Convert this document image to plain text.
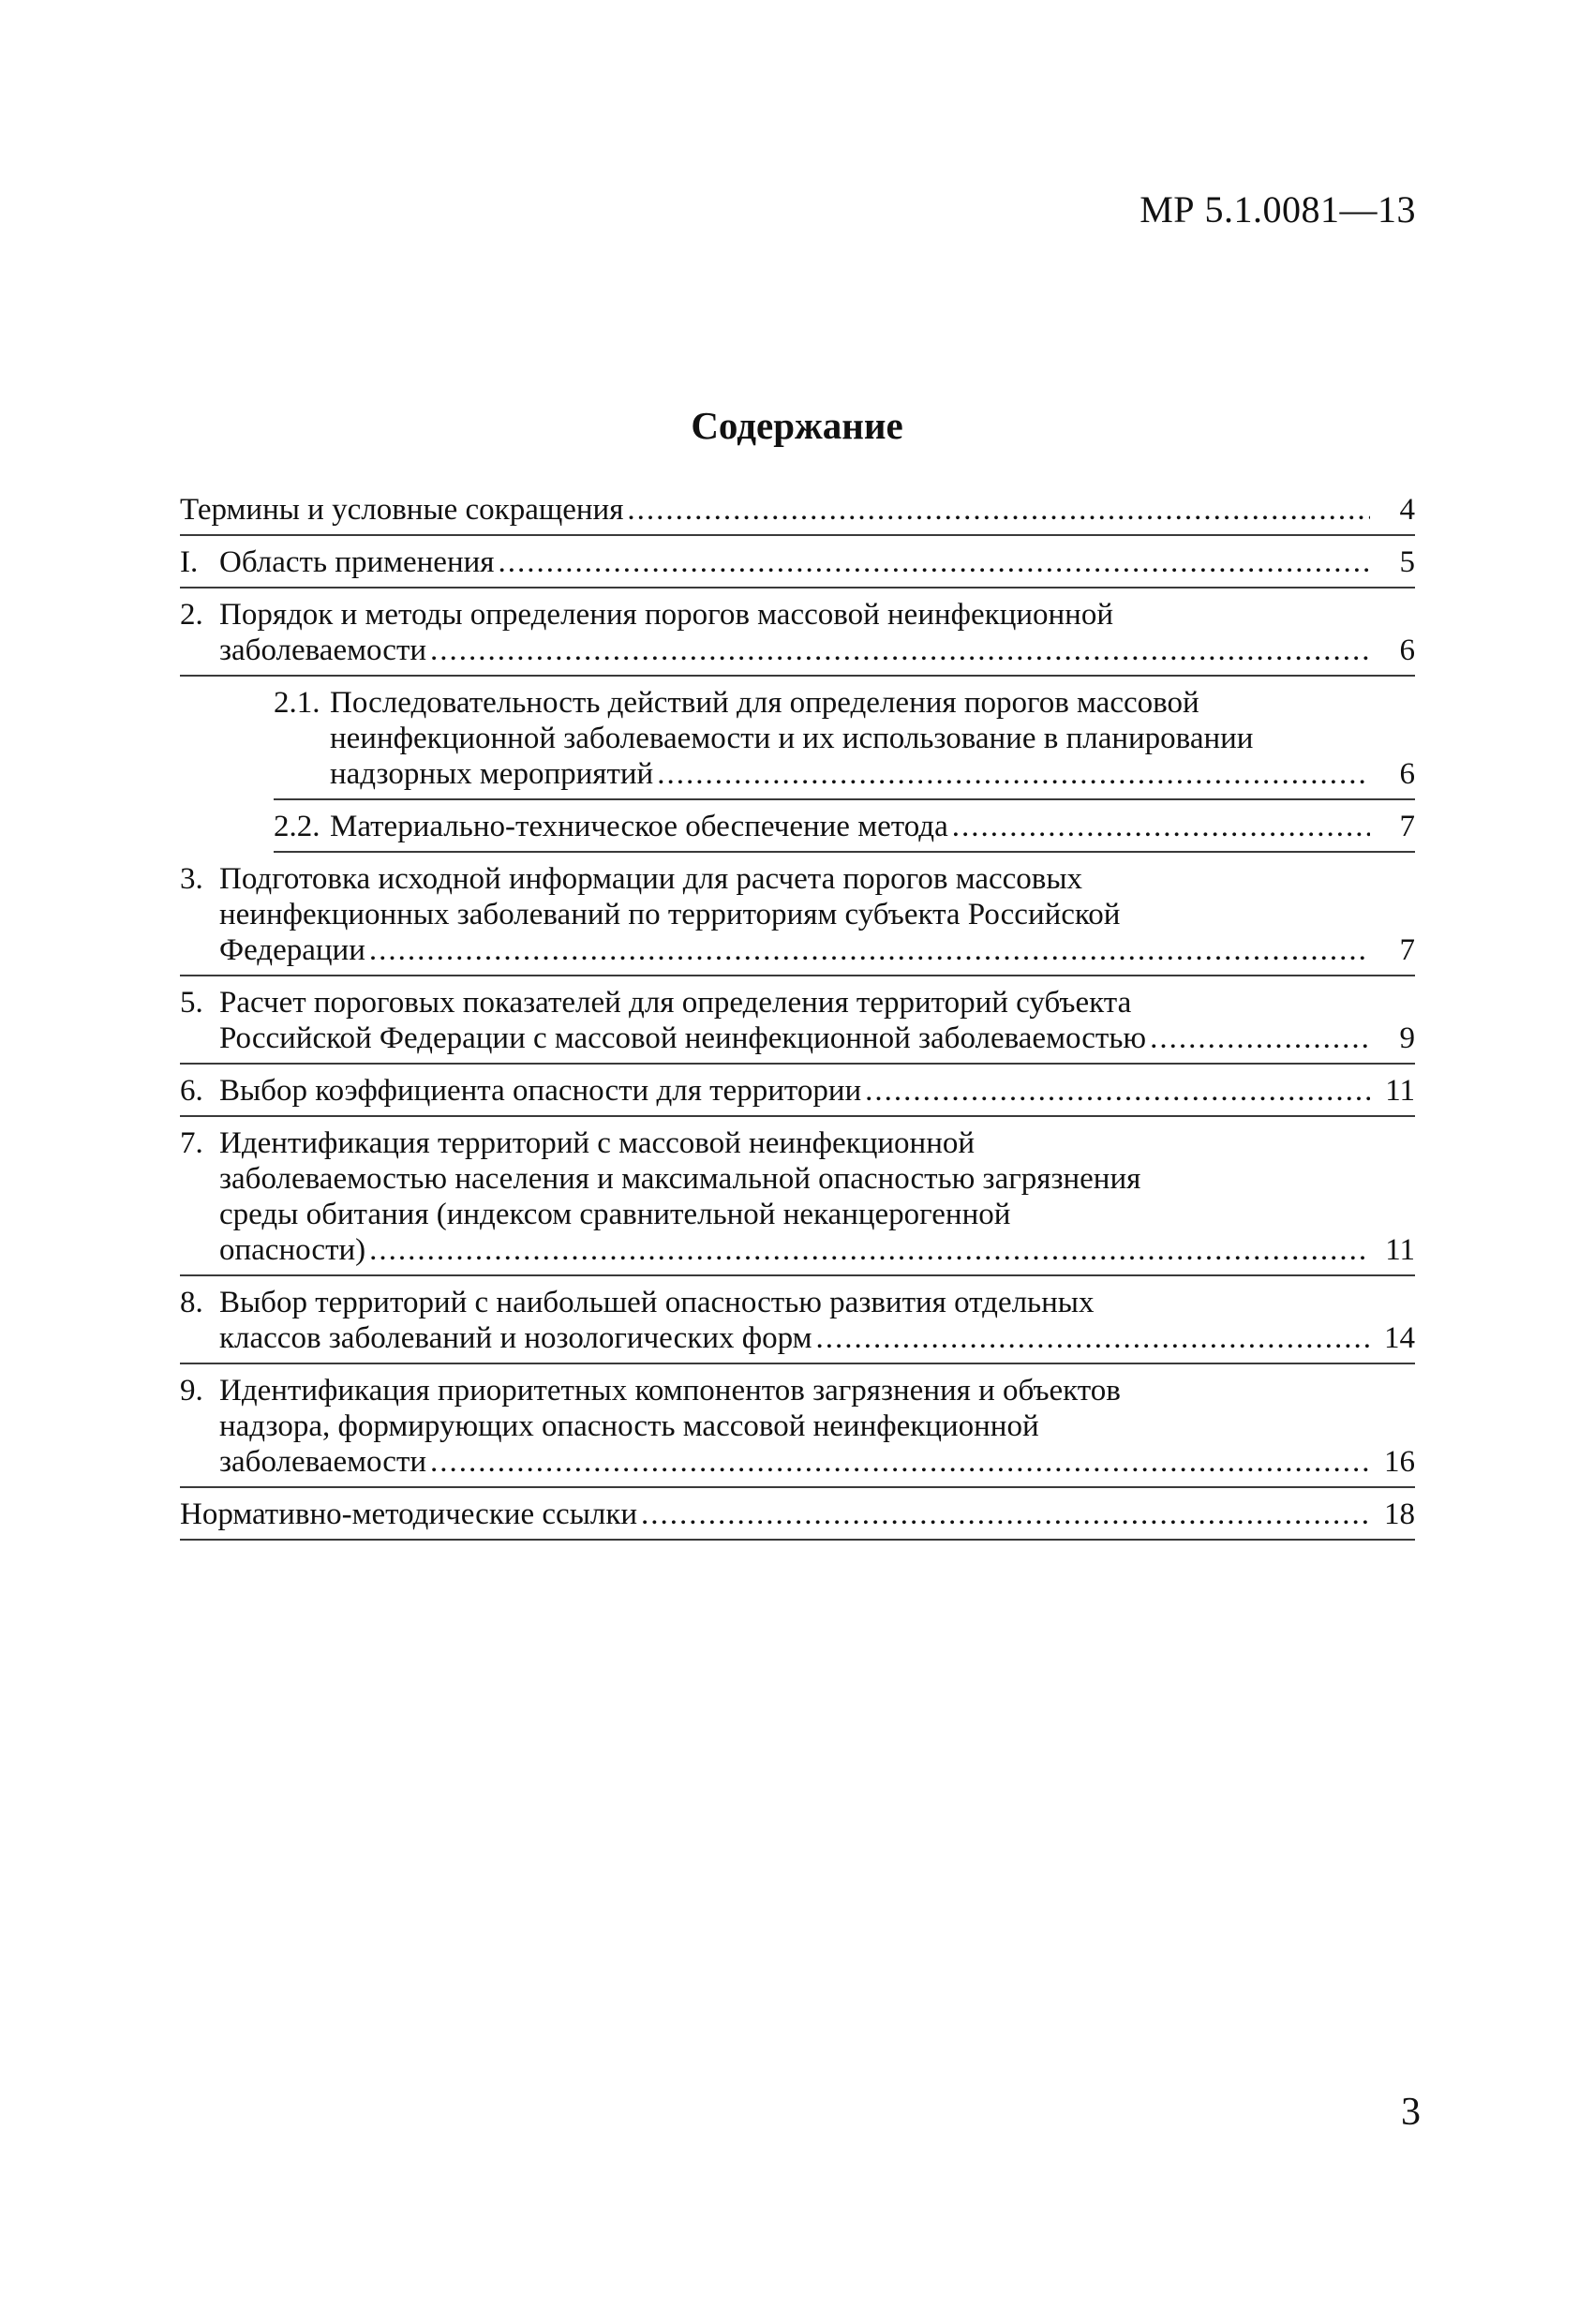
МР 5.1.0081—13
Содержание
Термины и условные сокращения .....	4
I. Область применения .....	5
2. Порядок и методы определения порогов массовой неинфекционной
заболеваемости .....	6
2.1. Последовательность действий для определения порогов массовой
неинфекционной заболеваемости и их использование в планировании
надзорных мероприятий .....	6
2.2. Материально-техническое обеспечение метода .....	7
3. Подготовка исходной информации для расчета порогов массовых
неинфекционных заболеваний по территориям субъекта Российской
Федерации .....	7
5. Расчет пороговых показателей для определения территорий субъекта
Российской Федерации с массовой неинфекционной заболеваемостью .....	9
6. Выбор коэффициента опасности для территории .....	11
7. Идентификация территорий с массовой неинфекционной
заболеваемостью населения и максимальной опасностью загрязнения
среды обитания (индексом сравнительной неканцерогенной
опасности) .....	11
8. Выбор территорий с наибольшей опасностью развития отдельных
классов заболеваний и нозологических форм .....	14
9. Идентификация приоритетных компонентов загрязнения и объектов
надзора, формирующих опасность массовой неинфекционной
заболеваемости .....	16
Нормативно-методические ссылки .....	18
3
